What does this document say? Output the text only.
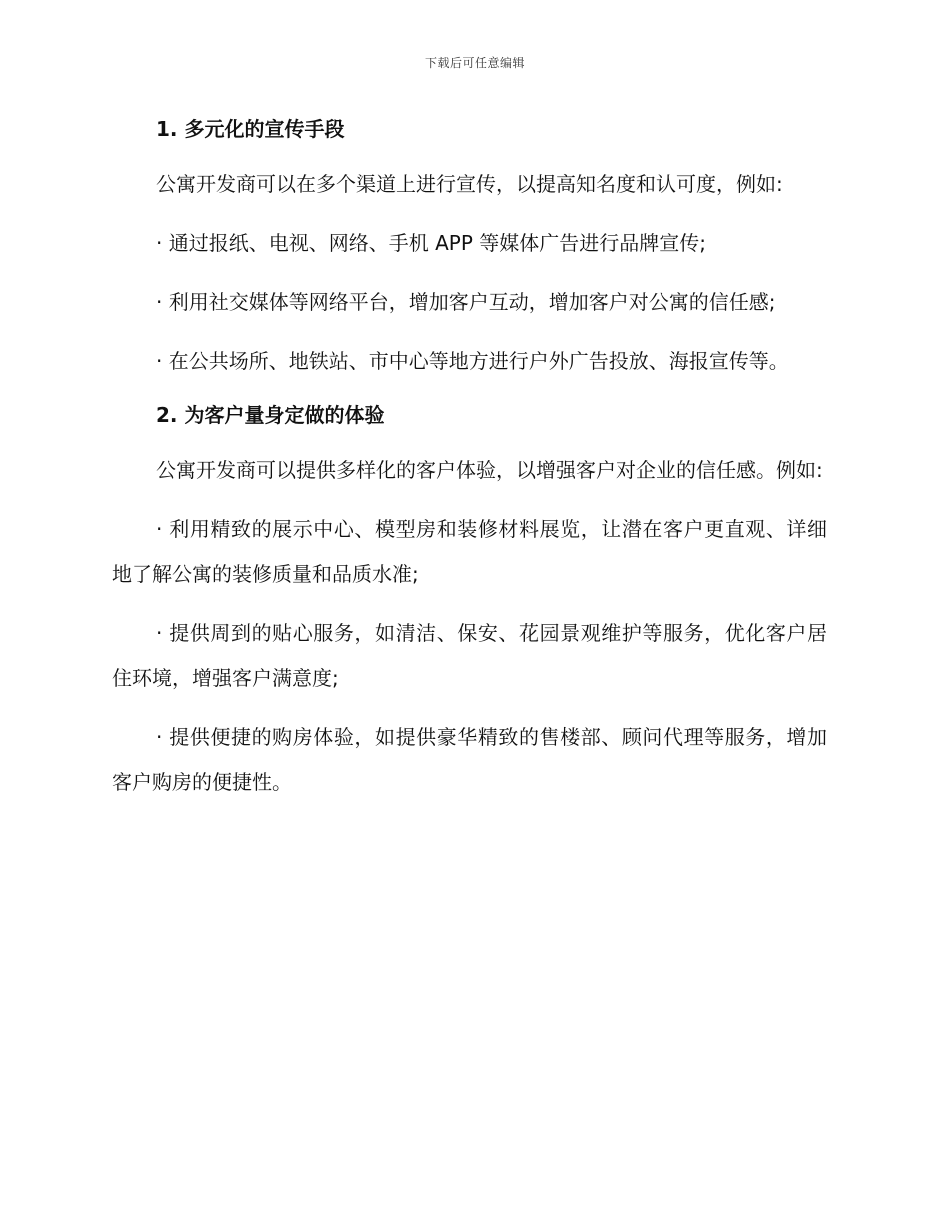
下载后可任意编辑
1. 多元化的宣传手段

公寓开发商可以在多个渠道上进行宣传，以提高知名度和认可度，例如:

· 通过报纸、电视、网络、手机 APP 等媒体广告进行品牌宣传;

· 利用社交媒体等网络平台，增加客户互动，增加客户对公寓的信任感;

· 在公共场所、地铁站、市中心等地方进行户外广告投放、海报宣传等。

2. 为客户量身定做的体验

公寓开发商可以提供多样化的客户体验，以增强客户对企业的信任感。例如:

· 利用精致的展示中心、模型房和装修材料展览，让潜在客户更直观、详细地了解公寓的装修质量和品质水准;

· 提供周到的贴心服务，如清洁、保安、花园景观维护等服务，优化客户居住环境，增强客户满意度;

· 提供便捷的购房体验，如提供豪华精致的售楼部、顾问代理等服务，增加客户购房的便捷性。
